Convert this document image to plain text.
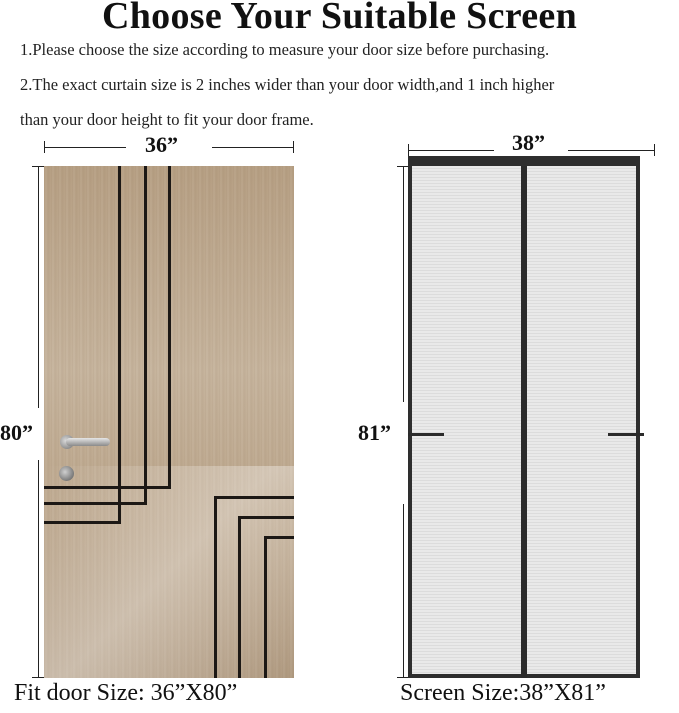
Choose Your Suitable Screen
1.Please choose the size according to measure your door size before purchasing.
2.The exact curtain size is 2 inches wider than your door width,and 1 inch higher
than your door height to fit your door frame.
36”
80”
38”
81”
Fit door Size: 36”X80”	Screen Size:38”X81”
